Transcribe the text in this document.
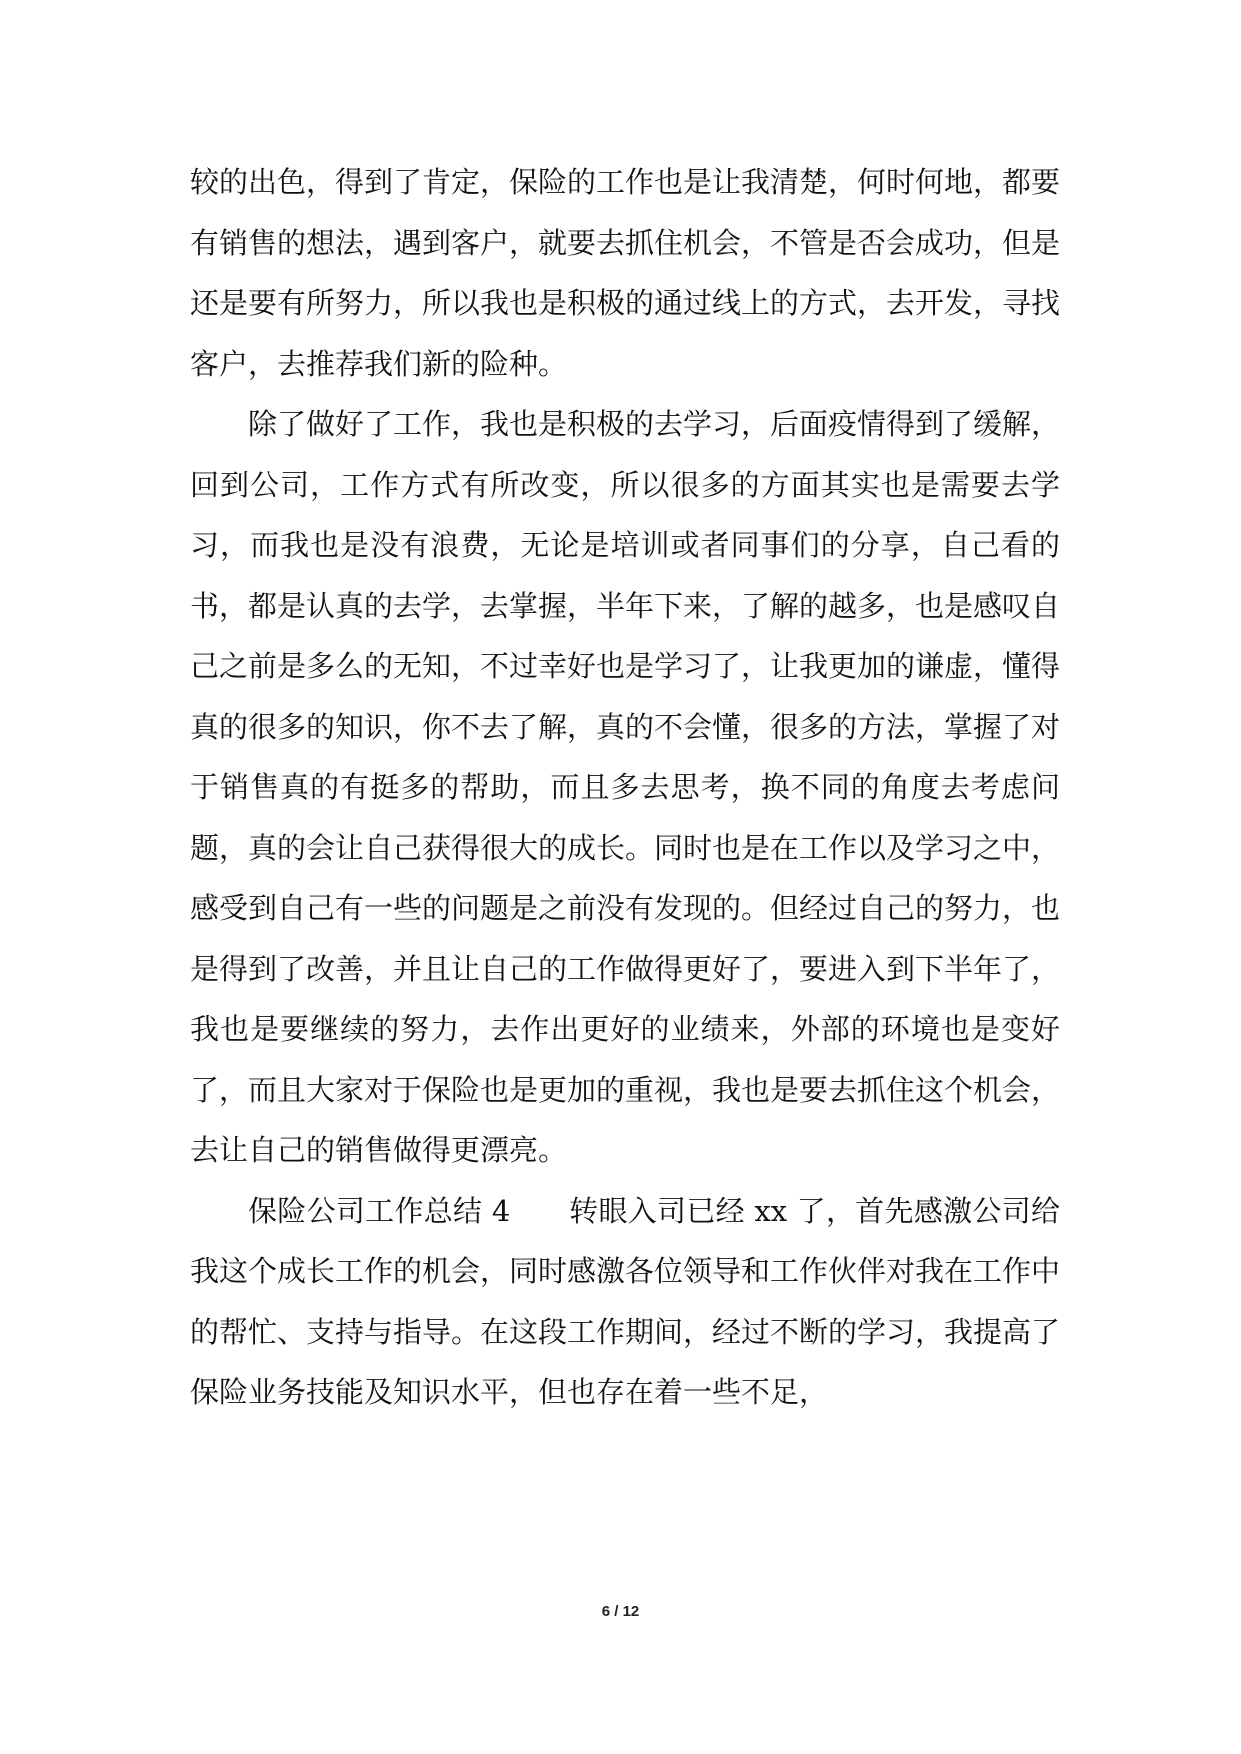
较的出色，得到了肯定，保险的工作也是让我清楚，何时何地，都要有销售的想法，遇到客户，就要去抓住机会，不管是否会成功，但是还是要有所努力，所以我也是积极的通过线上的方式，去开发，寻找客户，去推荐我们新的险种。

除了做好了工作，我也是积极的去学习，后面疫情得到了缓解，回到公司，工作方式有所改变，所以很多的方面其实也是需要去学习，而我也是没有浪费，无论是培训或者同事们的分享，自己看的书，都是认真的去学，去掌握，半年下来，了解的越多，也是感叹自己之前是多么的无知，不过幸好也是学习了，让我更加的谦虚，懂得真的很多的知识，你不去了解，真的不会懂，很多的方法，掌握了对于销售真的有挺多的帮助，而且多去思考，换不同的角度去考虑问题，真的会让自己获得很大的成长。同时也是在工作以及学习之中，感受到自己有一些的问题是之前没有发现的。但经过自己的努力，也是得到了改善，并且让自己的工作做得更好了，要进入到下半年了，我也是要继续的努力，去作出更好的业绩来，外部的环境也是变好了，而且大家对于保险也是更加的重视，我也是要去抓住这个机会，去让自己的销售做得更漂亮。

保险公司工作总结 4　　转眼入司已经 xx 了，首先感激公司给我这个成长工作的机会，同时感激各位领导和工作伙伴对我在工作中的帮忙、支持与指导。在这段工作期间，经过不断的学习，我提高了保险业务技能及知识水平，但也存在着一些不足，

6 / 12
